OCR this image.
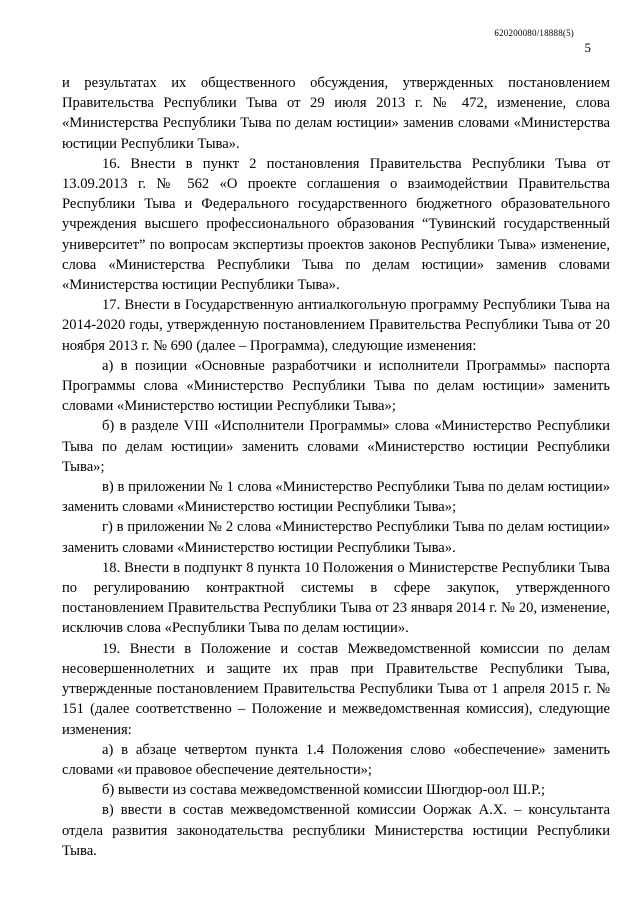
620200080/18888(5)
5

и результатах их общественного обсуждения, утвержденных постановлением Правительства Республики Тыва от 29 июля 2013 г. № 472, изменение, слова «Министерства Республики Тыва по делам юстиции» заменив словами «Министерства юстиции Республики Тыва».

16. Внести в пункт 2 постановления Правительства Республики Тыва от 13.09.2013 г. № 562 «О проекте соглашения о взаимодействии Правительства Республики Тыва и Федерального государственного бюджетного образовательного учреждения высшего профессионального образования “Тувинский государственный университет” по вопросам экспертизы проектов законов Республики Тыва» изменение, слова «Министерства Республики Тыва по делам юстиции» заменив словами «Министерства юстиции Республики Тыва».

17. Внести в Государственную антиалкогольную программу Республики Тыва на 2014-2020 годы, утвержденную постановлением Правительства Республики Тыва от 20 ноября 2013 г. № 690 (далее – Программа), следующие изменения:

а) в позиции «Основные разработчики и исполнители Программы» паспорта Программы слова «Министерство Республики Тыва по делам юстиции» заменить словами «Министерство юстиции Республики Тыва»;

б) в разделе VIII «Исполнители Программы» слова «Министерство Республики Тыва по делам юстиции» заменить словами «Министерство юстиции Республики Тыва»;

в) в приложении № 1 слова «Министерство Республики Тыва по делам юстиции» заменить словами «Министерство юстиции Республики Тыва»;

г) в приложении № 2 слова «Министерство Республики Тыва по делам юстиции» заменить словами «Министерство юстиции Республики Тыва».

18. Внести в подпункт 8 пункта 10 Положения о Министерстве Республики Тыва по регулированию контрактной системы в сфере закупок, утвержденного постановлением Правительства Республики Тыва от 23 января 2014 г. № 20, изменение, исключив слова «Республики Тыва по делам юстиции».

19. Внести в Положение и состав Межведомственной комиссии по делам несовершеннолетних и защите их прав при Правительстве Республики Тыва, утвержденные постановлением Правительства Республики Тыва от 1 апреля 2015 г. № 151 (далее соответственно – Положение и межведомственная комиссия), следующие изменения:

а) в абзаце четвертом пункта 1.4 Положения слово «обеспечение» заменить словами «и правовое обеспечение деятельности»;

б) вывести из состава межведомственной комиссии Шюгдюр-оол Ш.Р.;

в) ввести в состав межведомственной комиссии Ооржак А.Х. – консультанта отдела развития законодательства республики Министерства юстиции Республики Тыва.
